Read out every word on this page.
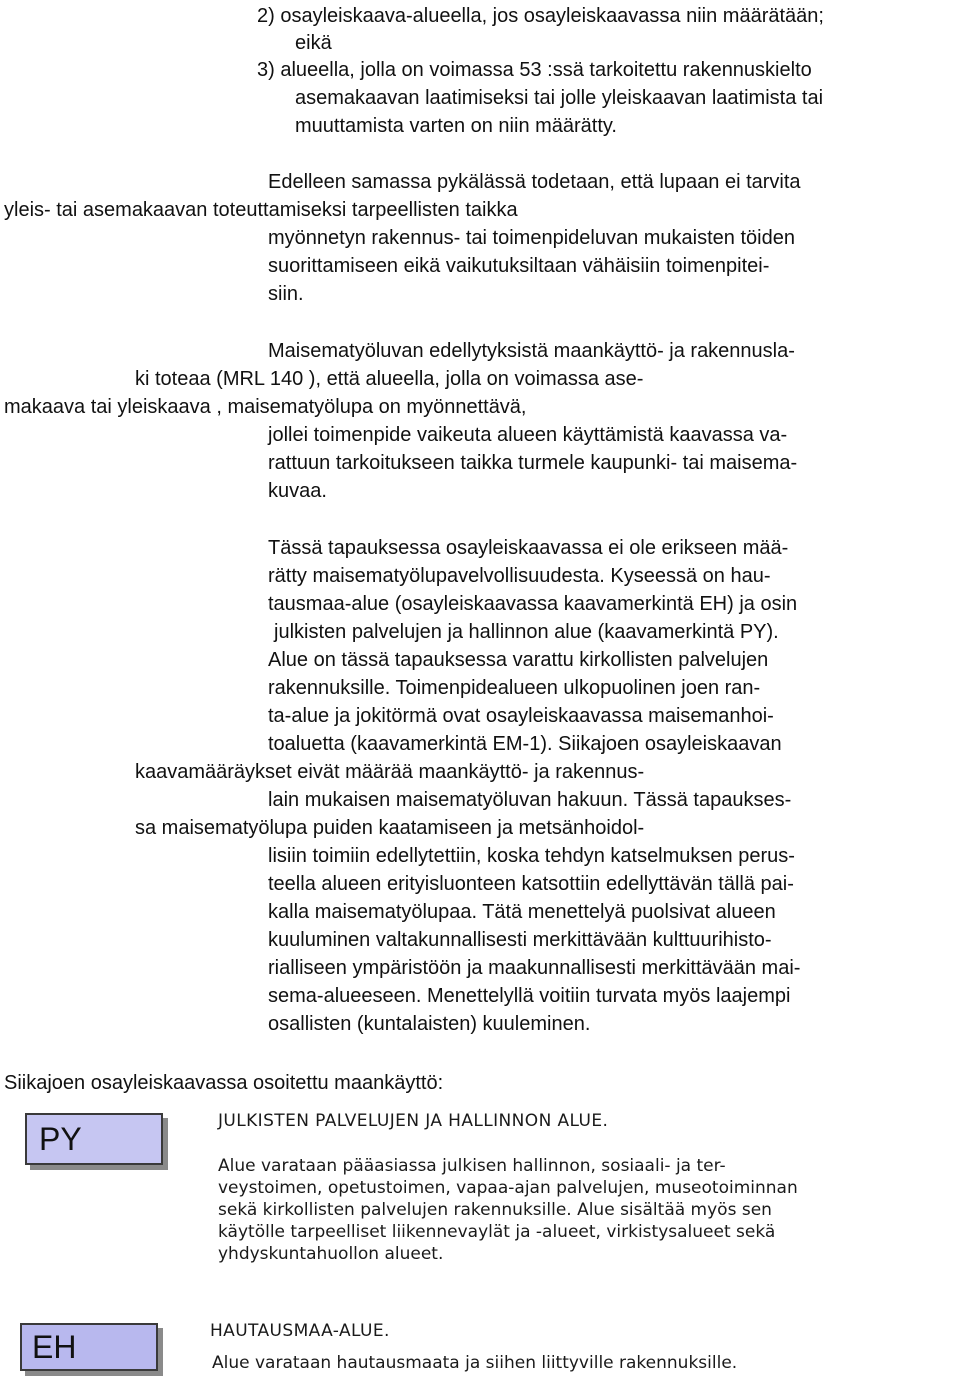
2) osayleiskaava-alueella, jos osayleiskaavassa niin määrätään;
eikä
3) alueella, jolla on voimassa 53 :ssä tarkoitettu rakennuskielto
asemakaavan laatimiseksi tai jolle yleiskaavan laatimista tai
muuttamista varten on niin määrätty.
Edelleen samassa pykälässä todetaan, että lupaan ei tarvita
yleis- tai asemakaavan toteuttamiseksi tarpeellisten taikka
myönnetyn rakennus- tai toimenpideluvan mukaisten töiden
suorittamiseen eikä vaikutuksiltaan vähäisiin toimenpitei-
siin.
Maisematyöluvan edellytyksistä maankäyttö- ja rakennusla-
ki toteaa (MRL 140 ), että alueella, jolla on voimassa ase-
makaava tai yleiskaava , maisematyölupa on myönnettävä,
jollei toimenpide vaikeuta alueen käyttämistä kaavassa va-
rattuun tarkoitukseen taikka turmele kaupunki- tai maisema-
kuvaa.
Tässä tapauksessa osayleiskaavassa ei ole erikseen mää-
rätty maisematyölupavelvollisuudesta. Kyseessä on hau-
tausmaa-alue (osayleiskaavassa kaavamerkintä EH) ja osin
julkisten palvelujen ja hallinnon alue (kaavamerkintä PY).
Alue on tässä tapauksessa varattu kirkollisten palvelujen
rakennuksille. Toimenpidealueen ulkopuolinen joen ran-
ta-alue ja jokitörmä ovat osayleiskaavassa maisemanhoi-
toaluetta (kaavamerkintä EM-1). Siikajoen osayleiskaavan
kaavamääräykset eivät määrää maankäyttö- ja rakennus-
lain mukaisen maisematyöluvan hakuun. Tässä tapaukses-
sa maisematyölupa puiden kaatamiseen ja metsänhoidol-
lisiin toimiin edellytettiin, koska tehdyn katselmuksen perus-
teella alueen erityisluonteen katsottiin edellyttävän tällä pai-
kalla maisematyölupaa. Tätä menettelyä puolsivat alueen
kuuluminen valtakunnallisesti merkittävään kulttuurihisto-
rialliseen ympäristöön ja maakunnallisesti merkittävään mai-
sema-alueeseen. Menettelyllä voitiin turvata myös laajempi
osallisten (kuntalaisten) kuuleminen.
Siikajoen osayleiskaavassa osoitettu maankäyttö:
PY	JULKISTEN PALVELUJEN JA HALLINNON ALUE.
Alue varataan pääasiassa julkisen hallinnon, sosiaali- ja ter-
veystoimen, opetustoimen, vapaa-ajan palvelujen, museotoiminnan
sekä kirkollisten palvelujen rakennuksille. Alue sisältää myös sen
käytölle tarpeelliset liikennevaylät ja -alueet, virkistysalueet sekä
yhdyskuntahuollon alueet.
EH	HAUTAUSMAA-ALUE.
Alue varataan hautausmaata ja siihen liittyville rakennuksille.
